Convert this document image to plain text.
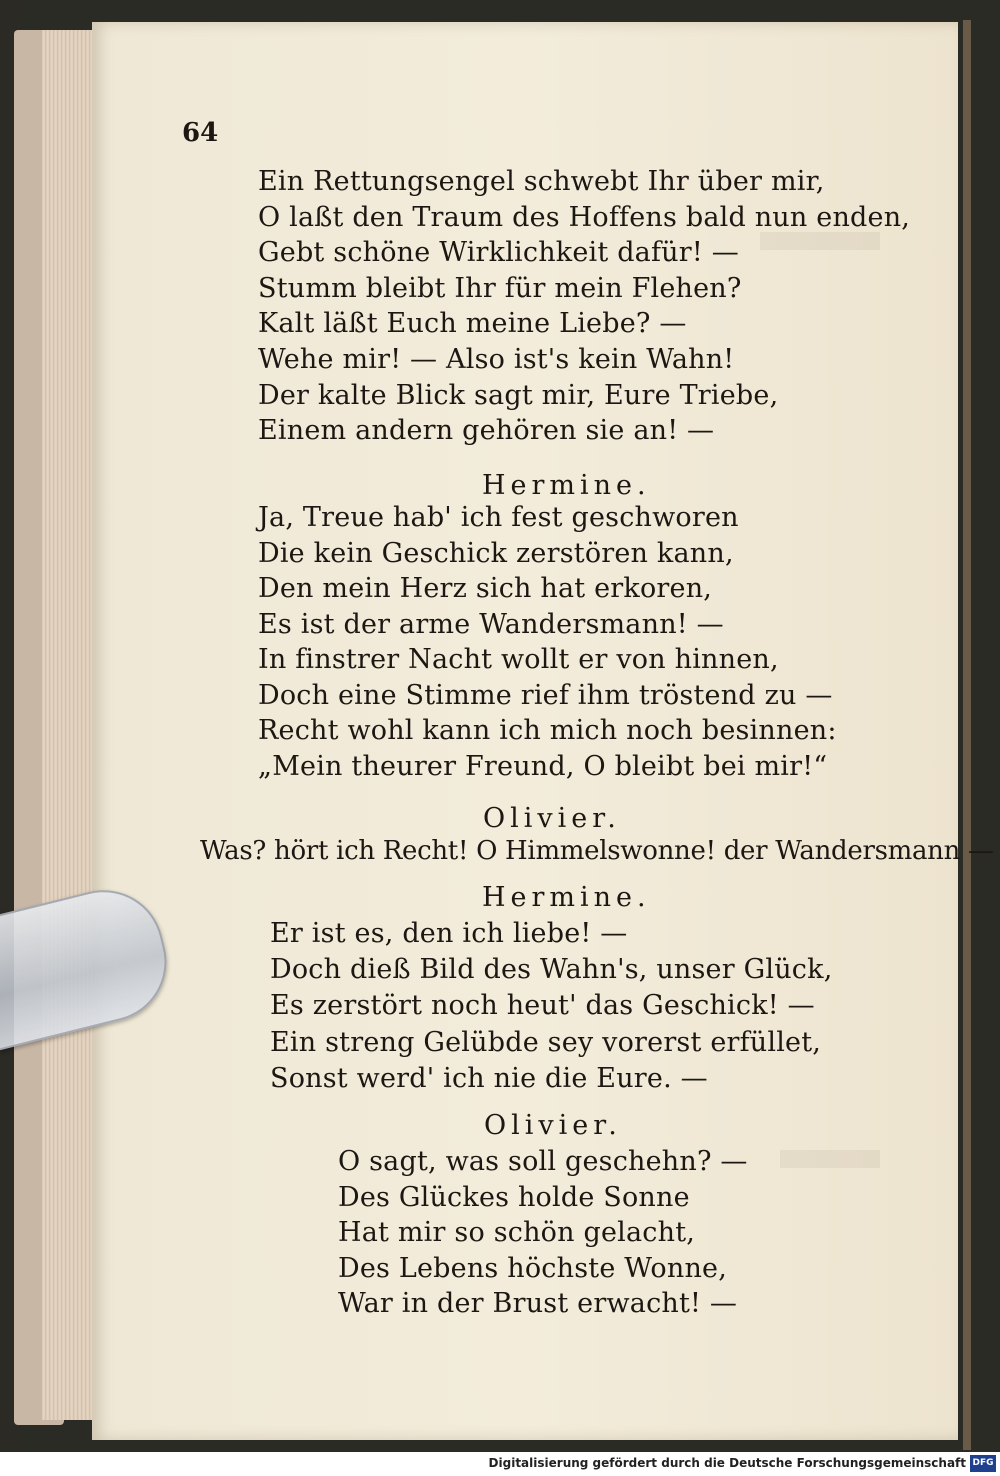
64
Ein Rettungsengel schwebt Ihr über mir,
O laßt den Traum des Hoffens bald nun enden,
Gebt schöne Wirklichkeit dafür! —
Stumm bleibt Ihr für mein Flehen?
Kalt läßt Euch meine Liebe? —
Wehe mir! — Also ist's kein Wahn!
Der kalte Blick sagt mir, Eure Triebe,
Einem andern gehören sie an! —
Hermine.
Ja, Treue hab' ich fest geschworen
Die kein Geschick zerstören kann,
Den mein Herz sich hat erkoren,
Es ist der arme Wandersmann! —
In finstrer Nacht wollt er von hinnen,
Doch eine Stimme rief ihm tröstend zu —
Recht wohl kann ich mich noch besinnen:
„Mein theurer Freund, O bleibt bei mir!“
Olivier.
Was? hört ich Recht! O Himmelswonne! der Wandersmann —
Hermine.
Er ist es, den ich liebe! —
Doch dieß Bild des Wahn's, unser Glück,
Es zerstört noch heut' das Geschick! —
Ein streng Gelübde sey vorerst erfüllet,
Sonst werd' ich nie die Eure. —
Olivier.
O sagt, was soll geschehn? —
Des Glückes holde Sonne
Hat mir so schön gelacht,
Des Lebens höchste Wonne,
War in der Brust erwacht! —
Digitalisierung gefördert durch die Deutsche Forschungsgemeinschaft DFG
